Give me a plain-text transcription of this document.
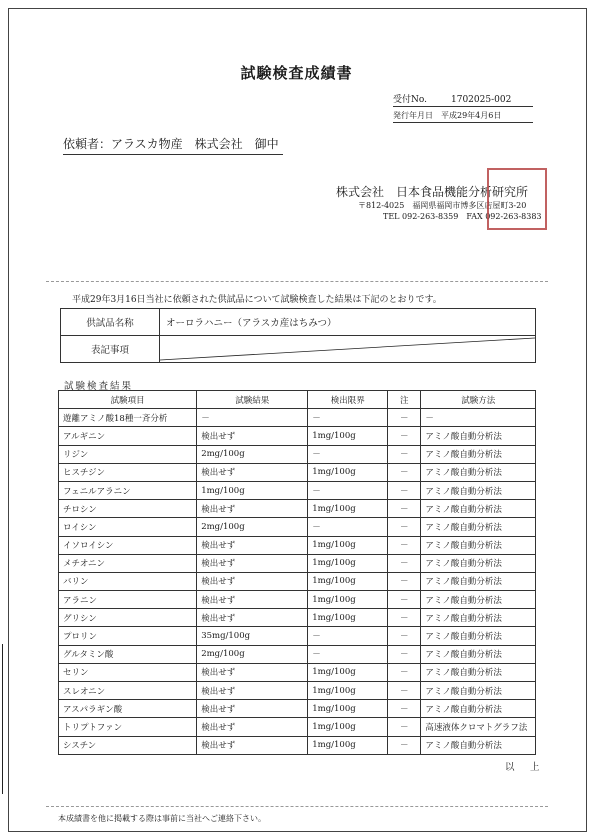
試験検査成績書
受付No.	1702025-002
発行年月日　平成29年4月6日
依頼者：アラスカ物産　株式会社　御中
株式会社　日本食品機能分析研究所
〒812-4025　福岡県福岡市博多区店屋町3-20
TEL 092-263-8359　FAX 092-263-8383
平成29年3月16日当社に依頼された供試品について試験検査した結果は下記のとおりです。
供試品名称	オーロラハニー（アラスカ産はちみつ）
表記事項	
試験検査結果
試験項目	試験結果	検出限界	注	試験方法
遊離アミノ酸18種一斉分析	－	－	－	－
アルギニン	検出せず	1mg/100g	－	アミノ酸自動分析法
リジン	2mg/100g	－	－	アミノ酸自動分析法
ヒスチジン	検出せず	1mg/100g	－	アミノ酸自動分析法
フェニルアラニン	1mg/100g	－	－	アミノ酸自動分析法
チロシン	検出せず	1mg/100g	－	アミノ酸自動分析法
ロイシン	2mg/100g	－	－	アミノ酸自動分析法
イソロイシン	検出せず	1mg/100g	－	アミノ酸自動分析法
メチオニン	検出せず	1mg/100g	－	アミノ酸自動分析法
バリン	検出せず	1mg/100g	－	アミノ酸自動分析法
アラニン	検出せず	1mg/100g	－	アミノ酸自動分析法
グリシン	検出せず	1mg/100g	－	アミノ酸自動分析法
プロリン	35mg/100g	－	－	アミノ酸自動分析法
グルタミン酸	2mg/100g	－	－	アミノ酸自動分析法
セリン	検出せず	1mg/100g	－	アミノ酸自動分析法
スレオニン	検出せず	1mg/100g	－	アミノ酸自動分析法
アスパラギン酸	検出せず	1mg/100g	－	アミノ酸自動分析法
トリプトファン	検出せず	1mg/100g	－	高速液体クロマトグラフ法
シスチン	検出せず	1mg/100g	－	アミノ酸自動分析法
以　上
本成績書を他に掲載する際は事前に当社へご連絡下さい。
